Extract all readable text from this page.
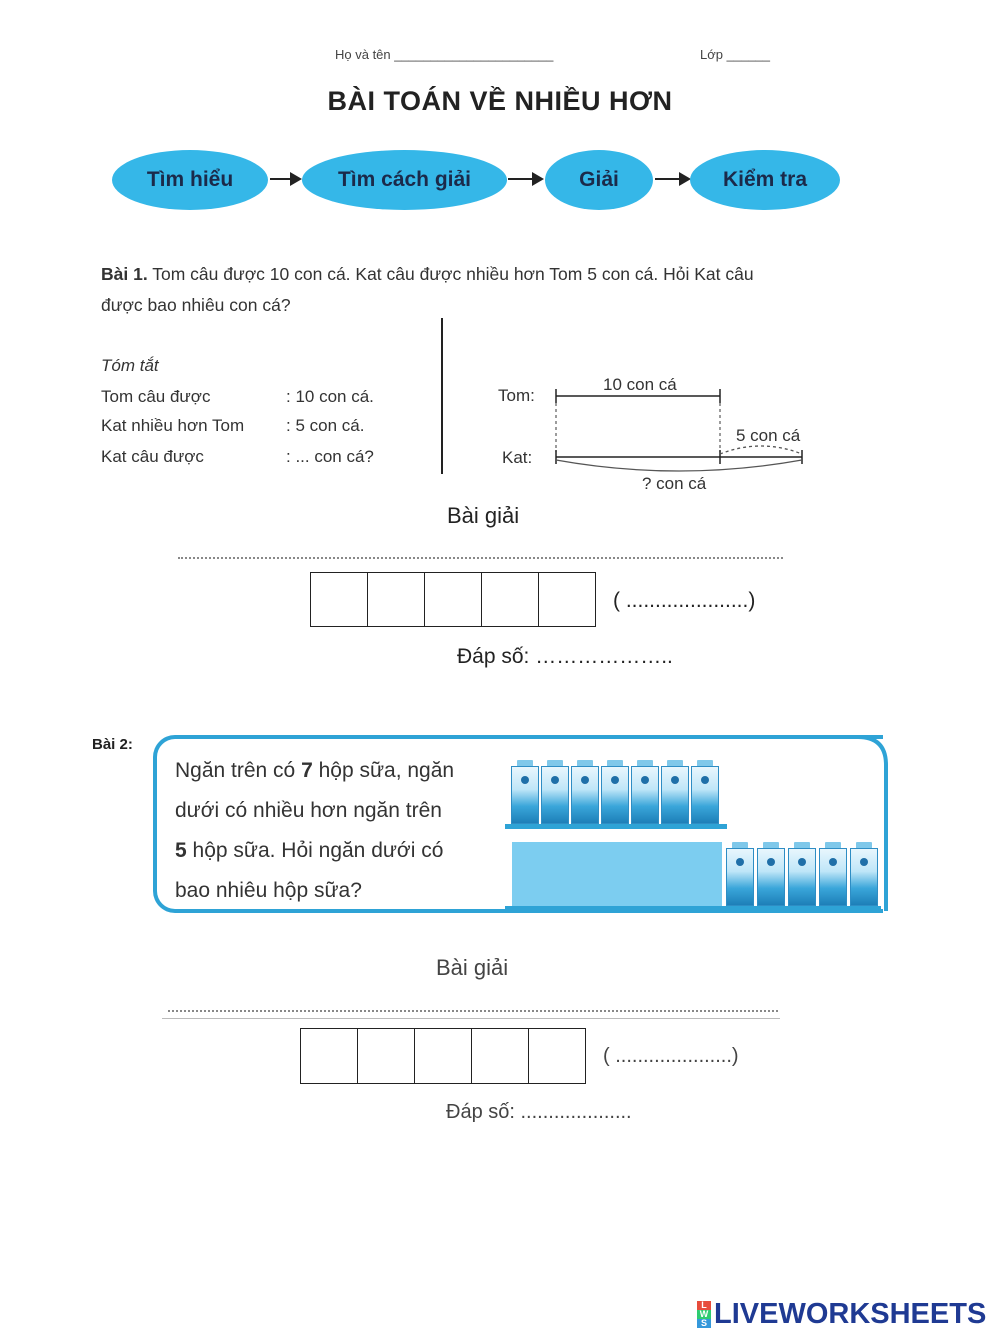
Họ và tên ______________________	Lớp ______
BÀI TOÁN VỀ NHIỀU HƠN
Tìm hiểu	Tìm cách giải	Giải	Kiểm tra
Bài 1. Tom câu được 10 con cá. Kat câu được nhiều hơn Tom 5 con cá. Hỏi Kat câu
được bao nhiêu con cá?
Tóm tắt
Tom câu được	: 10 con cá.
Kat nhiều hơn Tom : 5 con cá.
Kat câu được	: ... con cá?
Tom:
Kat:
10 con cá
5 con cá
? con cá
Bài giải
( .....................)
Đáp số: ………………..
Bài 2:
Ngăn trên có 7 hộp sữa, ngăn
dưới có nhiều hơn ngăn trên
5 hộp sữa. Hỏi ngăn dưới có
bao nhiêu hộp sữa?
Bài giải
( .....................)
Đáp số: ....................
L
W
S LIVEWORKSHEETS
